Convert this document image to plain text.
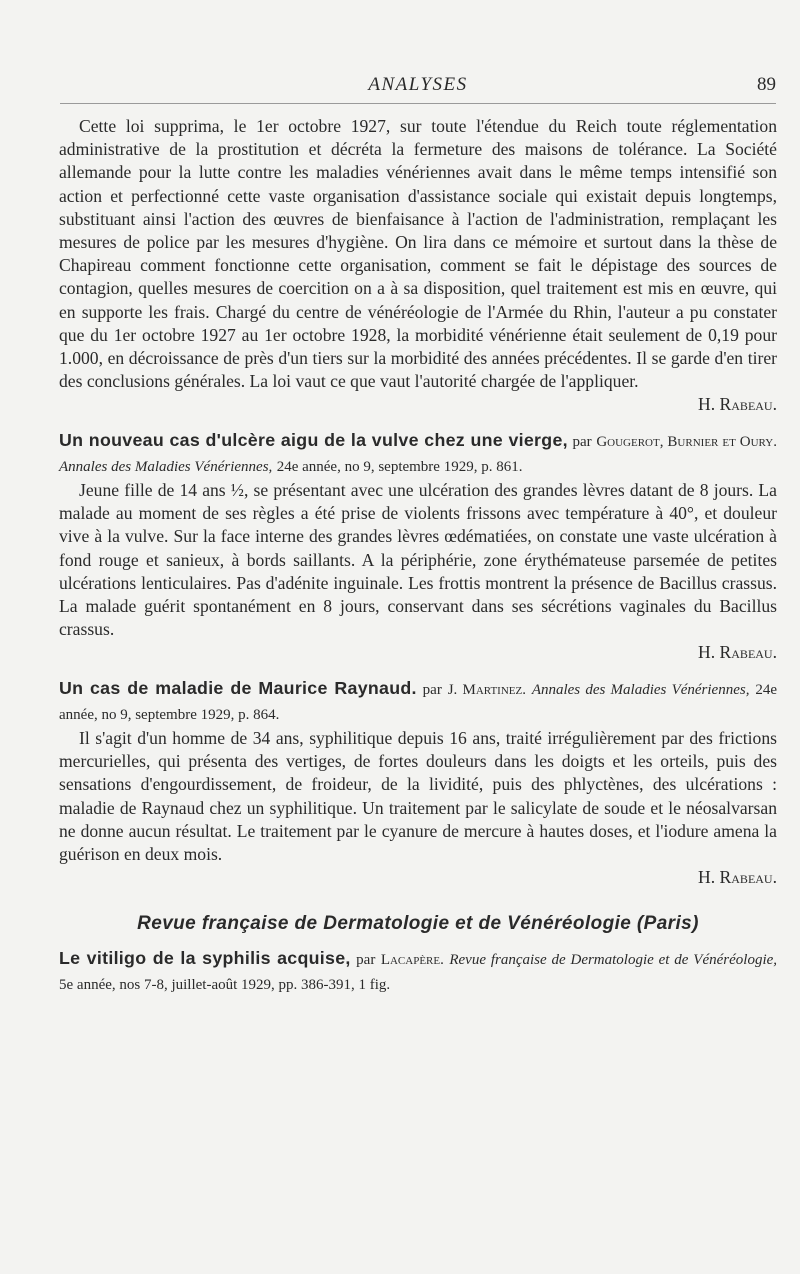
ANALYSES	89

Cette loi supprima, le 1er octobre 1927, sur toute l'étendue du Reich toute réglementation administrative de la prostitution et décréta la fermeture des maisons de tolérance. La Société allemande pour la lutte contre les maladies vénériennes avait dans le même temps intensifié son action et perfectionné cette vaste organisation d'assistance sociale qui existait depuis longtemps, substituant ainsi l'action des œuvres de bienfaisance à l'action de l'administration, remplaçant les mesures de police par les mesures d'hygiène. On lira dans ce mémoire et surtout dans la thèse de Chapireau comment fonctionne cette organisation, comment se fait le dépistage des sources de contagion, quelles mesures de coercition on a à sa disposition, quel traitement est mis en œuvre, qui en supporte les frais. Chargé du centre de vénéréologie de l'Armée du Rhin, l'auteur a pu constater que du 1er octobre 1927 au 1er octobre 1928, la morbidité vénérienne était seulement de 0,19 pour 1.000, en décroissance de près d'un tiers sur la morbidité des années précédentes. Il se garde d'en tirer des conclusions générales. La loi vaut ce que vaut l'autorité chargée de l'appliquer.

H. Rabeau.

Un nouveau cas d'ulcère aigu de la vulve chez une vierge, par Gougerot, Burnier et Oury. Annales des Maladies Vénériennes, 24e année, no 9, septembre 1929, p. 861.

Jeune fille de 14 ans ½, se présentant avec une ulcération des grandes lèvres datant de 8 jours. La malade au moment de ses règles a été prise de violents frissons avec température à 40°, et douleur vive à la vulve. Sur la face interne des grandes lèvres œdématiées, on constate une vaste ulcération à fond rouge et sanieux, à bords saillants. A la périphérie, zone érythémateuse parsemée de petites ulcérations lenticulaires. Pas d'adénite inguinale. Les frottis montrent la présence de Bacillus crassus. La malade guérit spontanément en 8 jours, conservant dans ses sécrétions vaginales du Bacillus crassus.

H. Rabeau.

Un cas de maladie de Maurice Raynaud. par J. Martinez. Annales des Maladies Vénériennes, 24e année, no 9, septembre 1929, p. 864.

Il s'agit d'un homme de 34 ans, syphilitique depuis 16 ans, traité irrégulièrement par des frictions mercurielles, qui présenta des vertiges, de fortes douleurs dans les doigts et les orteils, puis des sensations d'engourdissement, de froideur, de la lividité, puis des phlyctènes, des ulcérations : maladie de Raynaud chez un syphilitique. Un traitement par le salicylate de soude et le néosalvarsan ne donne aucun résultat. Le traitement par le cyanure de mercure à hautes doses, et l'iodure amena la guérison en deux mois.

H. Rabeau.

Revue française de Dermatologie et de Vénéréologie (Paris)

Le vitiligo de la syphilis acquise, par Lacapère. Revue française de Dermatologie et de Vénéréologie, 5e année, nos 7-8, juillet-août 1929, pp. 386-391, 1 fig.
